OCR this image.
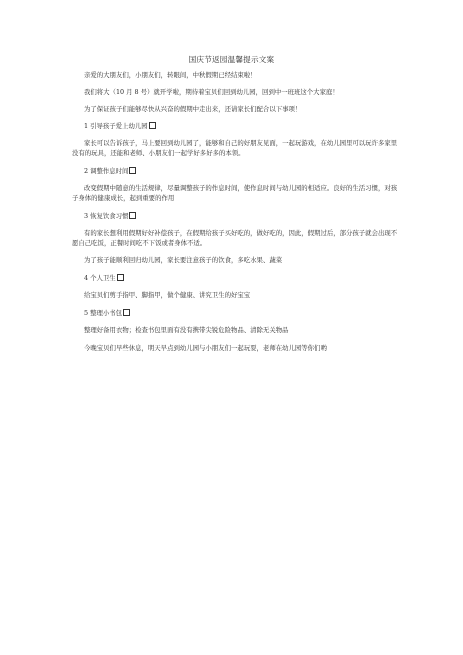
国庆节返园温馨提示文案

亲爱的大朋友们，小朋友们，转眼间，中秋假期已经结束啦！

我们将大（10 月 8 号）就开学啦，期待着宝贝们回到幼儿园，回到中一班班这个大家庭！

为了保证孩子们能够尽快从兴奋的假期中走出来，还请家长们配合以下事项！

1 引导孩子爱上幼儿园

家长可以告诉孩子，马上要回到幼儿园了，能够和自己的好朋友见面，一起玩游戏，在幼儿园里可以玩许多家里没有的玩具，还能和老师、小朋友们一起学好多好多的本领。

2 调整作息时间

改变假期中随意的生活规律，尽量调整孩子的作息时间，使作息时间与幼儿园的相适应。良好的生活习惯，对孩子身体的健康成长，起到重要的作用

3 恢复饮食习惯

有的家长想利用假期好好补偿孩子，在假期给孩子买好吃的，做好吃的，因此，假期过后，部分孩子就会出现不愿自己吃饭，正餐时间吃不下饭或者身体不适。

为了孩子能顺利回归幼儿园，家长要注意孩子的饮食，多吃水果、蔬菜

4 个人卫生

给宝贝们剪手指甲、脚指甲，做个健康、讲究卫生的好宝宝

5 整理小书包

整理好备用衣物；检查书包里面有没有携带尖锐危险物品、清除无关物品

今晚宝贝们早些休息，明天早点到幼儿园与小朋友们一起玩耍，老师在幼儿园等你们哟
